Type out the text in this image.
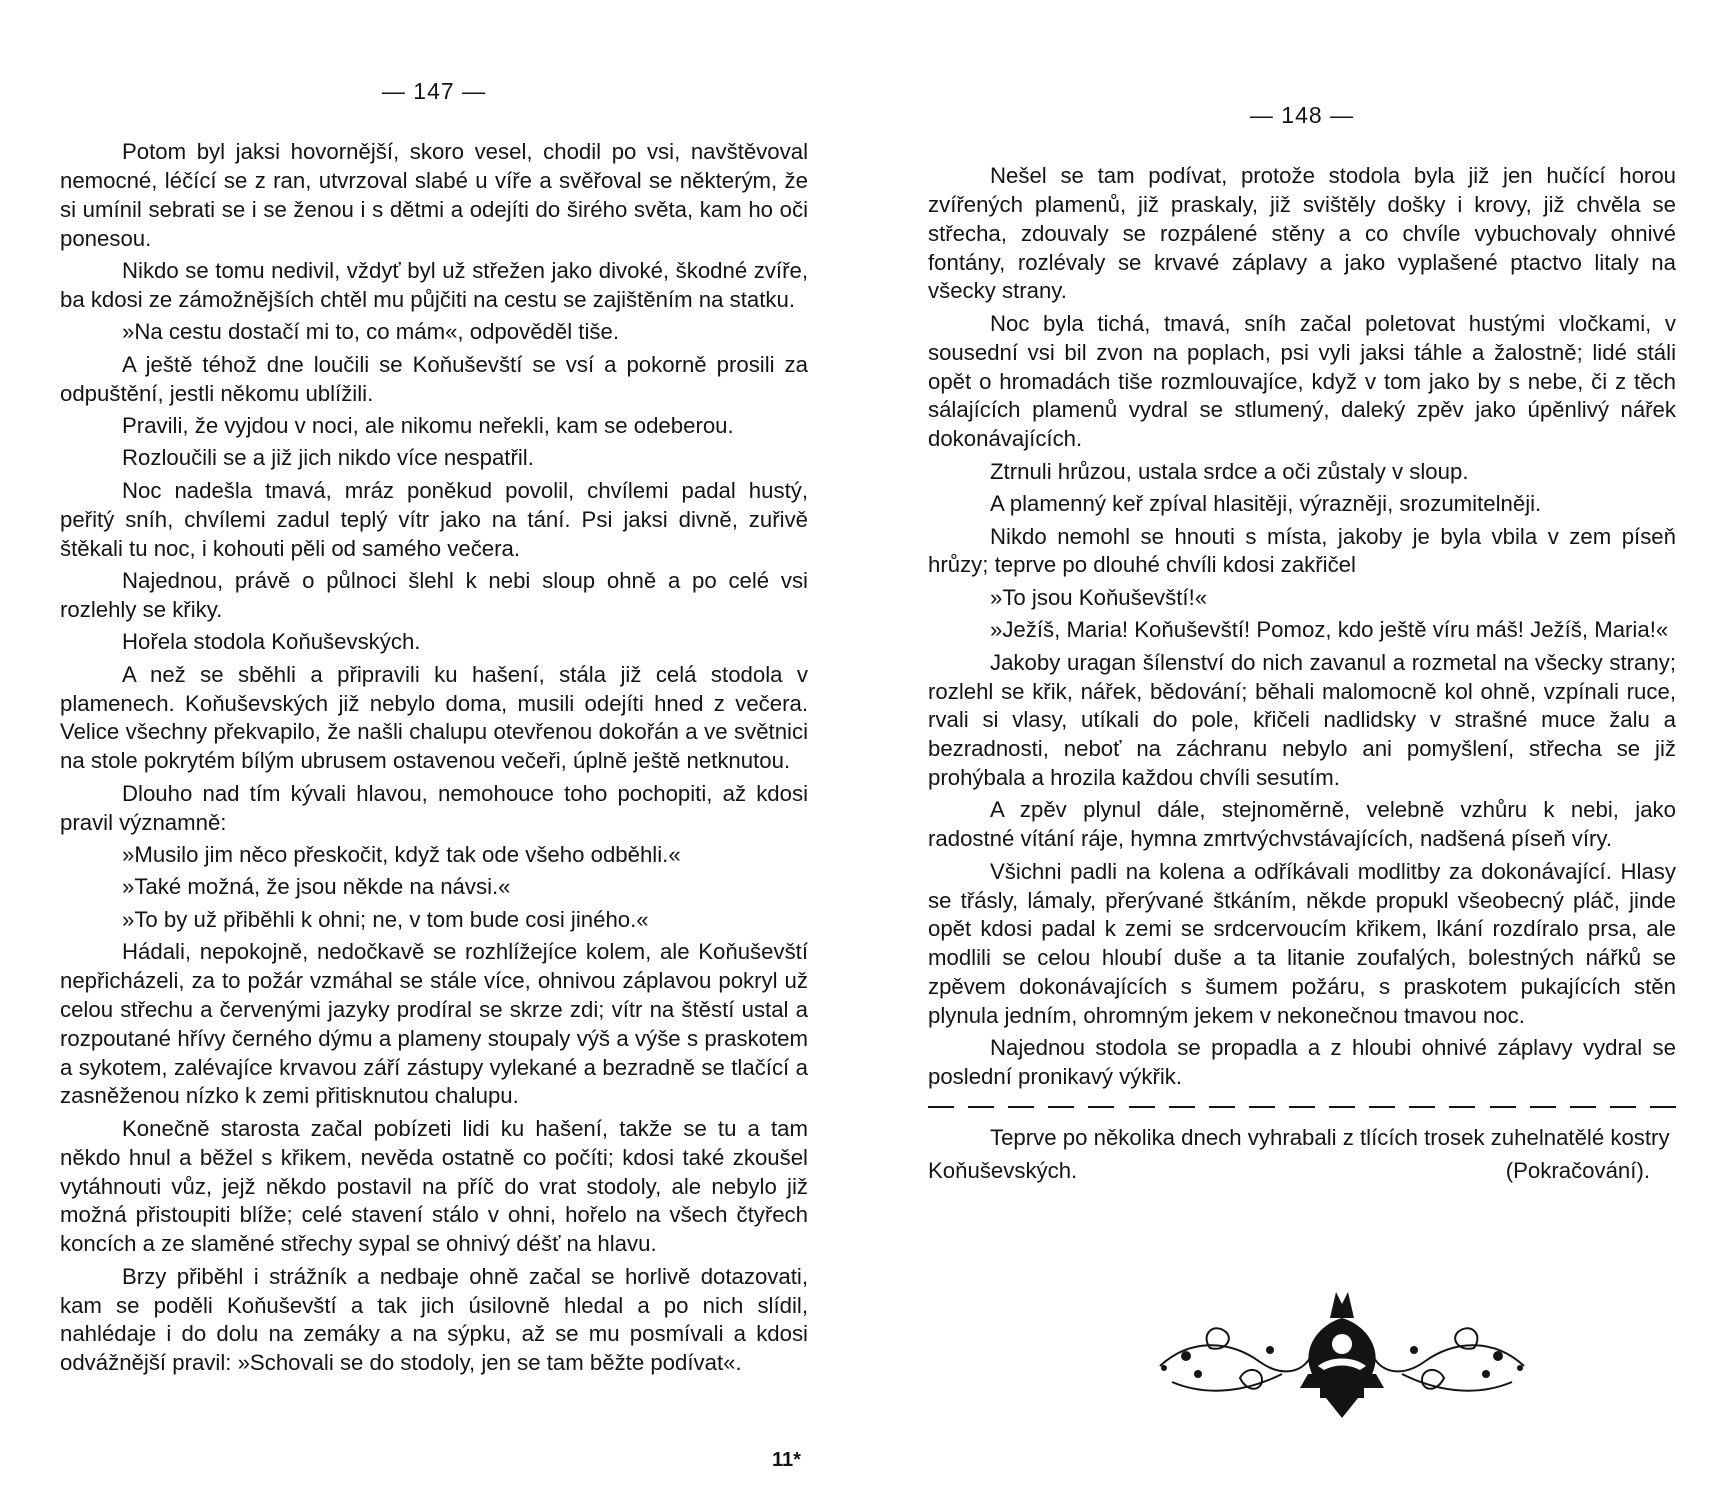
— 147 —

Potom byl jaksi hovornější, skoro vesel, chodil po vsi, navštěvoval nemocné, léčící se z ran, utvrzoval slabé u víře a svěřoval se některým, že si umínil sebrati se i se ženou i s dětmi a odejíti do širého světa, kam ho oči ponesou.

Nikdo se tomu nedivil, vždyť byl už střežen jako divoké, škodné zvíře, ba kdosi ze zámožnějších chtěl mu půjčiti na cestu se zajištěním na statku.

»Na cestu dostačí mi to, co mám«, odpověděl tiše.

A ještě téhož dne loučili se Koňuševští se vsí a pokorně prosili za odpuštění, jestli někomu ublížili.

Pravili, že vyjdou v noci, ale nikomu neřekli, kam se odeberou.

Rozloučili se a již jich nikdo více nespatřil.

Noc nadešla tmavá, mráz poněkud povolil, chvílemi padal hustý, peřitý sníh, chvílemi zadul teplý vítr jako na tání. Psi jaksi divně, zuřivě štěkali tu noc, i kohouti pěli od samého večera.

Najednou, právě o půlnoci šlehl k nebi sloup ohně a po celé vsi rozlehly se křiky.

Hořela stodola Koňuševských.

A než se sběhli a připravili ku hašení, stála již celá stodola v plamenech. Koňuševských již nebylo doma, musili odejíti hned z večera. Velice všechny překvapilo, že našli chalupu otevřenou dokořán a ve světnici na stole pokrytém bílým ubrusem ostavenou večeři, úplně ještě netknutou.

Dlouho nad tím kývali hlavou, nemohouce toho pochopiti, až kdosi pravil významně:

»Musilo jim něco přeskočit, když tak ode všeho odběhli.«

»Také možná, že jsou někde na návsi.«

»To by už přiběhli k ohni; ne, v tom bude cosi jiného.«

Hádali, nepokojně, nedočkavě se rozhlížejíce kolem, ale Koňuševští nepřicházeli, za to požár vzmáhal se stále více, ohnivou záplavou pokryl už celou střechu a červenými jazyky prodíral se skrze zdi; vítr na štěstí ustal a rozpoutané hřívy černého dýmu a plameny stoupaly výš a výše s praskotem a sykotem, zalévajíce krvavou září zástupy vylekané a bezradně se tlačící a zasněženou nízko k zemi přitisknutou chalupu.

Konečně starosta začal pobízeti lidi ku hašení, takže se tu a tam někdo hnul a běžel s křikem, nevěda ostatně co počíti; kdosi také zkoušel vytáhnouti vůz, jejž někdo postavil na příč do vrat stodoly, ale nebylo již možná přistoupiti blíže; celé stavení stálo v ohni, hořelo na všech čtyřech koncích a ze slaměné střechy sypal se ohnivý déšť na hlavu.

Brzy přiběhl i strážník a nedbaje ohně začal se horlivě dotazovati, kam se poděli Koňuševští a tak jich úsilovně hledal a po nich slídil, nahlédaje i do dolu na zemáky a na sýpku, až se mu posmívali a kdosi odvážnější pravil: »Schovali se do stodoly, jen se tam běžte podívat«.

11*
— 148 —

Nešel se tam podívat, protože stodola byla již jen hučící horou zvířených plamenů, již praskaly, již svištěly došky i krovy, již chvěla se střecha, zdouvaly se rozpálené stěny a co chvíle vybuchovaly ohnivé fontány, rozlévaly se krvavé záplavy a jako vyplašené ptactvo litaly na všecky strany.

Noc byla tichá, tmavá, sníh začal poletovat hustými vločkami, v sousední vsi bil zvon na poplach, psi vyli jaksi táhle a žalostně; lidé stáli opět o hromadách tiše rozmlouvajíce, když v tom jako by s nebe, či z těch sálajících plamenů vydral se stlumený, daleký zpěv jako úpěnlivý nářek dokonávajících.

Ztrnuli hrůzou, ustala srdce a oči zůstaly v sloup.

A plamenný keř zpíval hlasitěji, výrazněji, srozumitelněji.

Nikdo nemohl se hnouti s místa, jakoby je byla vbila v zem píseň hrůzy; teprve po dlouhé chvíli kdosi zakřičel

»To jsou Koňuševští!«

»Ježíš, Maria! Koňuševští! Pomoz, kdo ještě víru máš! Ježíš, Maria!«

Jakoby uragan šílenství do nich zavanul a rozmetal na všecky strany; rozlehl se křik, nářek, bědování; běhali malomocně kol ohně, vzpínali ruce, rvali si vlasy, utíkali do pole, křičeli nadlidsky v strašné muce žalu a bezradnosti, neboť na záchranu nebylo ani pomyšlení, střecha se již prohýbala a hrozila každou chvíli sesutím.

A zpěv plynul dále, stejnoměrně, velebně vzhůru k nebi, jako radostné vítání ráje, hymna zmrtvýchvstávajících, nadšená píseň víry.

Všichni padli na kolena a odříkávali modlitby za dokonávající. Hlasy se třásly, lámaly, přerývané štkáním, někde propukl všeobecný pláč, jinde opět kdosi padal k zemi se srdcervoucím křikem, lkání rozdíralo prsa, ale modlili se celou hloubí duše a ta litanie zoufalých, bolestných nářků se zpěvem dokonávajících s šumem požáru, s praskotem pukajících stěn plynula jedním, ohromným jekem v nekonečnou tmavou noc.

Najednou stodola se propadla a z hloubi ohnivé záplavy vydral se poslední pronikavý výkřik.

Teprve po několika dnech vyhrabali z tlících trosek zuhelnatělé kostry

Koňuševských.	(Pokračování).
